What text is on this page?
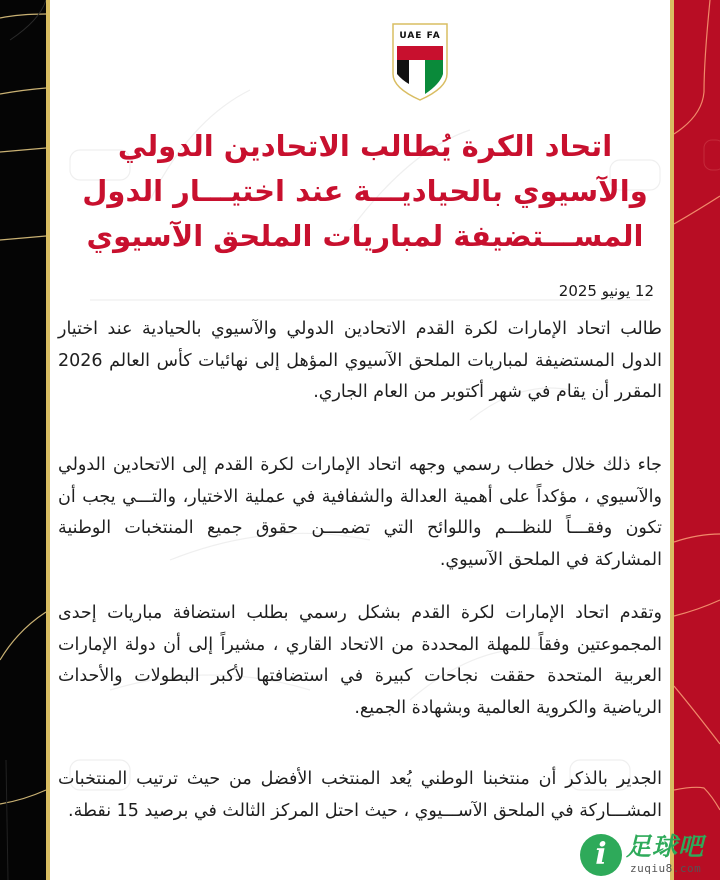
UAE FA
اتحاد الكرة يُطالب الاتحادين الدولي والآسيوي بالحياديـــة عند اختيـــار الدول المســـتضيفة لمباريات الملحق الآسيوي
12 يونيو 2025

طالب اتحاد الإمارات لكرة القدم الاتحادين الدولي والآسيوي بالحيادية عند اختيار الدول المستضيفة لمباريات الملحق الآسيوي المؤهل إلى نهائيات كأس العالم 2026 المقرر أن يقام في شهر أكتوبر من العام الجاري.

جاء ذلك خلال خطاب رسمي وجهه اتحاد الإمارات لكرة القدم إلى الاتحادين الدولي والآسيوي ، مؤكداً على أهمية العدالة والشفافية في عملية الاختيار، والتـــي يجب أن تكون وفقـــاً للنظـــم واللوائح التي تضمـــن حقوق جميع المنتخبات الوطنية المشاركة في الملحق الآسيوي.

وتقدم اتحاد الإمارات لكرة القدم بشكل رسمي بطلب استضافة مباريات إحدى المجموعتين وفقاً للمهلة المحددة من الاتحاد القاري ، مشيراً إلى أن دولة الإمارات العربية المتحدة حققت نجاحات كبيرة في استضافتها لأكبر البطولات والأحداث الرياضية والكروية العالمية وبشهادة الجميع.

الجدير بالذكر أن منتخبنا الوطني يُعد المنتخب الأفضل من حيث ترتيب المنتخبات المشـــاركة في الملحق الآســـيوي ، حيث احتل المركز الثالث في برصيد 15 نقطة.

i 足球吧
zuqiu8.com
